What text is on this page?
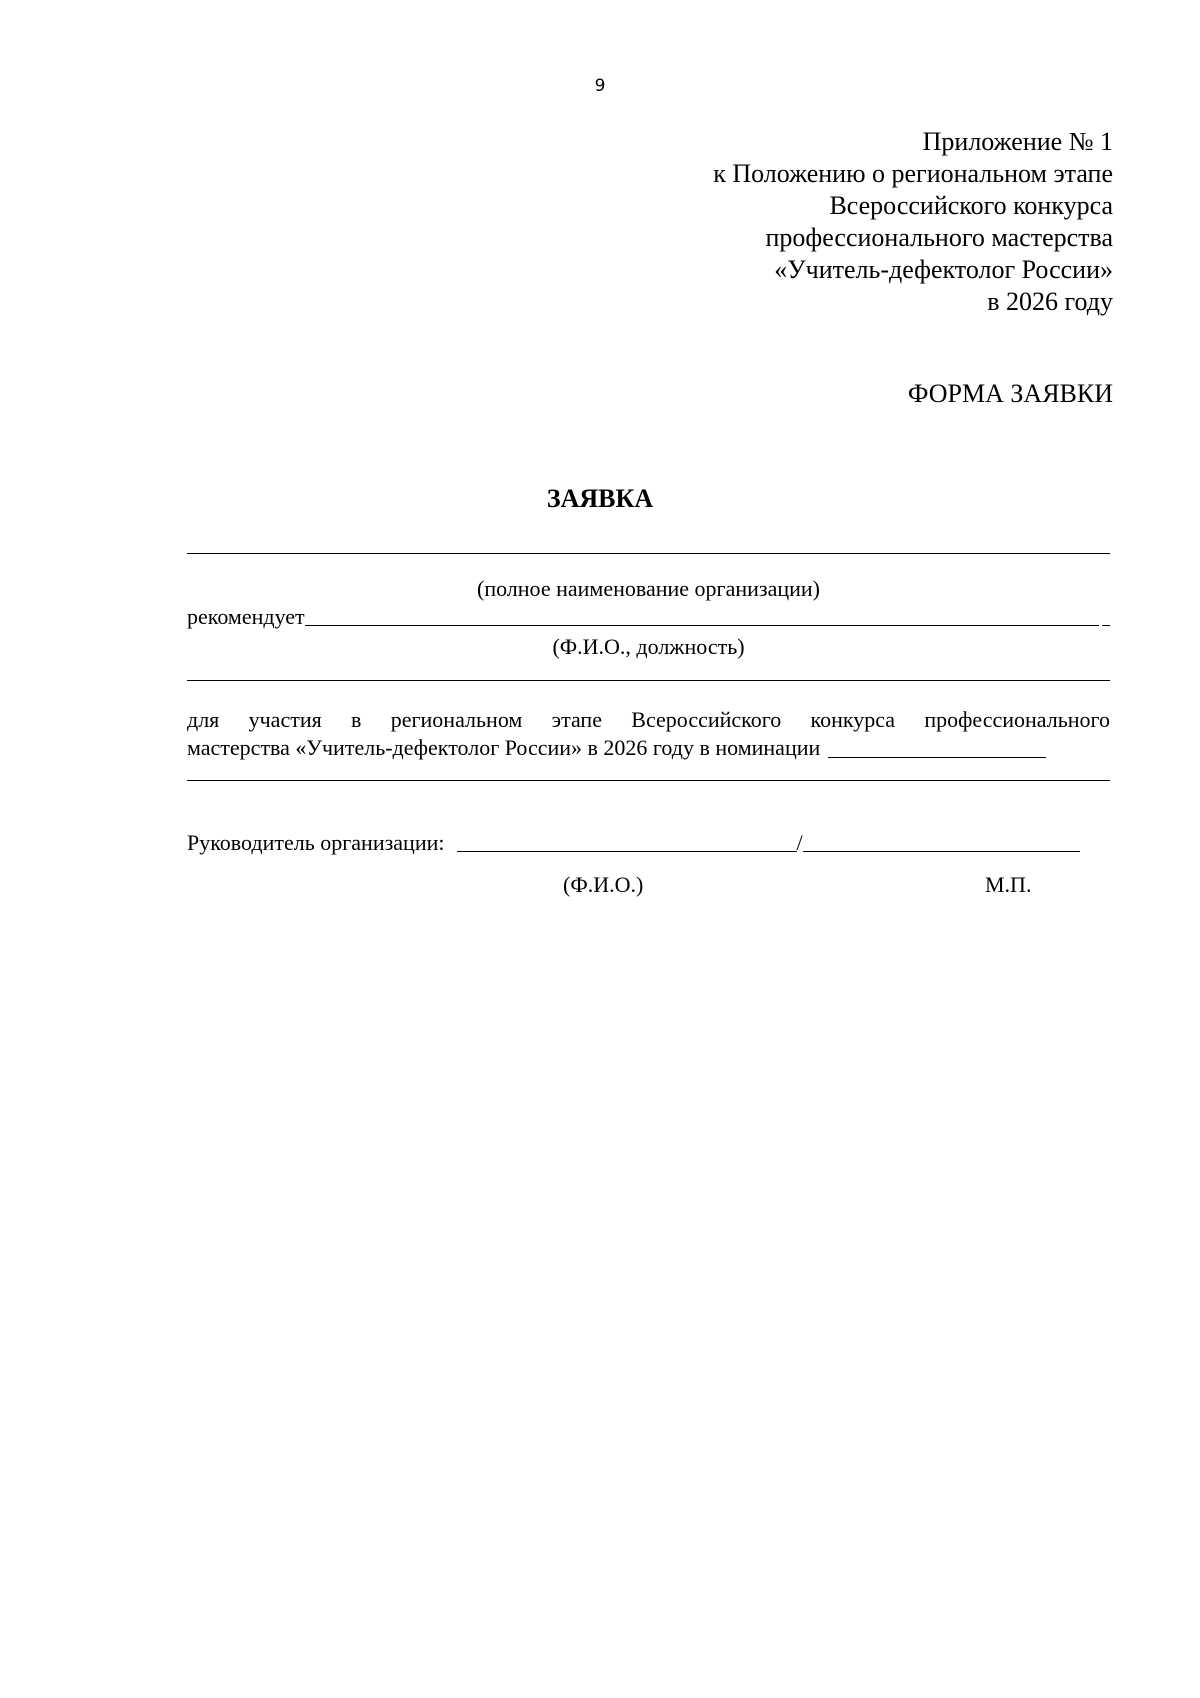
9
Приложение № 1
к Положению о региональном этапе
Всероссийского конкурса
профессионального мастерства
«Учитель-дефектолог России»
в 2026 году
ФОРМА ЗАЯВКИ
ЗАЯВКА
(полное наименование организации)
рекомендует
(Ф.И.О., должность)
для участия в региональном этапе Всероссийского конкурса профессионального
мастерства «Учитель-дефектолог России» в 2026 году в номинации
Руководитель организации:	/
(Ф.И.О.)	М.П.
